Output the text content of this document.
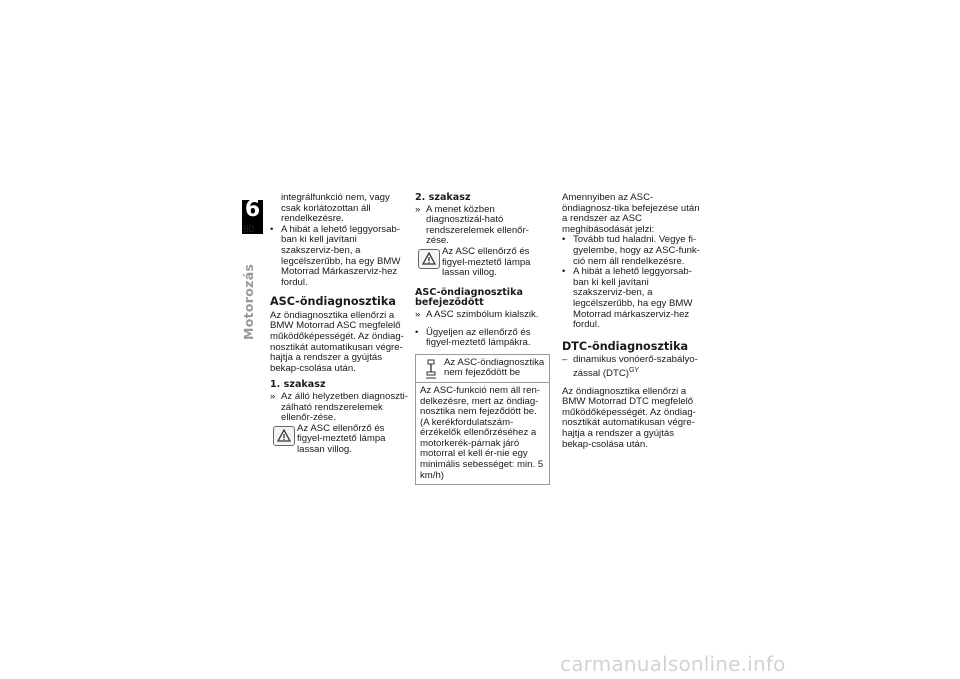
6
80
Motorozás

integrálfunkció nem, vagy csak korlátozottan áll rendelkezésre.

• A hibát a lehető leggyorsab-ban ki kell javítani szakszerviz-ben, a legcélszerűbb, ha egy BMW Motorrad Márkaszerviz-hez fordul.

ASC-öndiagnosztika

Az öndiagnosztika ellenőrzi a BMW Motorrad ASC megfelelő működőképességét. Az öndiag-nosztikát automatikusan végre-hajtja a rendszer a gyújtás bekap-csolása után.

1. szakasz

» Az álló helyzetben diagnoszti-zálható rendszerelemek ellenőr-zése.

Az ASC ellenőrző és figyel-meztető lámpa lassan villog.
2. szakasz

» A menet közben diagnosztizál-ható rendszerelemek ellenőr-zése.

Az ASC ellenőrző és figyel-meztető lámpa lassan villog.
ASC-öndiagnosztika befejeződött

» A ASC szimbólum kialszik.

• Ügyeljen az ellenőrző és figyel-meztető lámpákra.

Az ASC-öndiagnosztika nem fejeződött be
Az ASC-funkció nem áll ren-delkezésre, mert az öndiag-nosztika nem fejeződött be. (A kerékfordulatszám-érzékelők ellenőrzéséhez a motorkerék-párnak járó motorral el kell ér-nie egy minimális sebességet: min. 5 km/h)

Amennyiben az ASC-öndiagnosz-tika befejezése után a rendszer az ASC meghibásodását jelzi:

• Tovább tud haladni. Vegye fi-gyelembe, hogy az ASC-funk-ció nem áll rendelkezésre.

• A hibát a lehető leggyorsab-ban ki kell javítani szakszerviz-ben, a legcélszerűbb, ha egy BMW Motorrad márkaszerviz-hez fordul.

DTC-öndiagnosztika

– dinamikus vonóerő-szabályo-zással (DTC)$^{GY}$

Az öndiagnosztika ellenőrzi a BMW Motorrad DTC megfelelő működőképességét. Az öndiag-nosztikát automatikusan végre-hajtja a rendszer a gyújtás bekap-csolása után.

carmanualsonline.info
